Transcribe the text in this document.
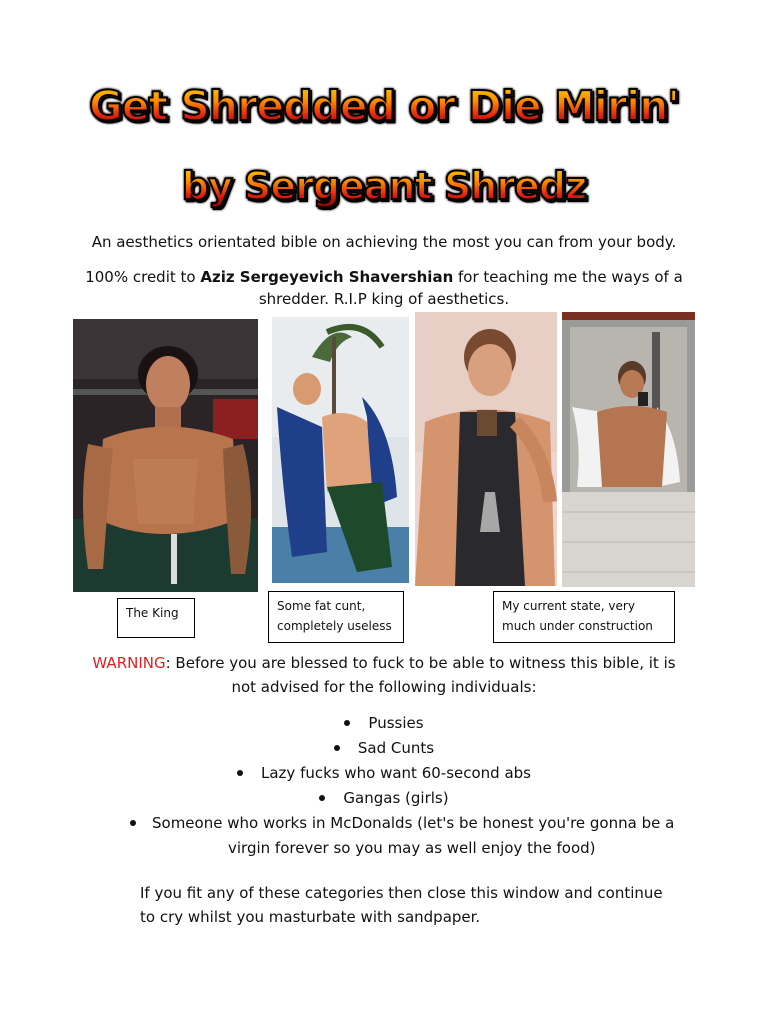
Get Shredded or Die Mirin'
by Sergeant Shredz
An aesthetics orientated bible on achieving the most you can from your body.
100% credit to Aziz Sergeyevich Shavershian for teaching me the ways of a shredder. R.I.P king of aesthetics.
The King	Some fat cunt, completely useless
My current state, very much under construction
WARNING: Before you are blessed to fuck to be able to witness this bible, it is not advised for the following individuals:
Pussies
Sad Cunts
Lazy fucks who want 60-second abs
Gangas (girls)
Someone who works in McDonalds (let's be honest you're gonna be a
virgin forever so you may as well enjoy the food)
If you fit any of these categories then close this window and continue to cry whilst you masturbate with sandpaper.
